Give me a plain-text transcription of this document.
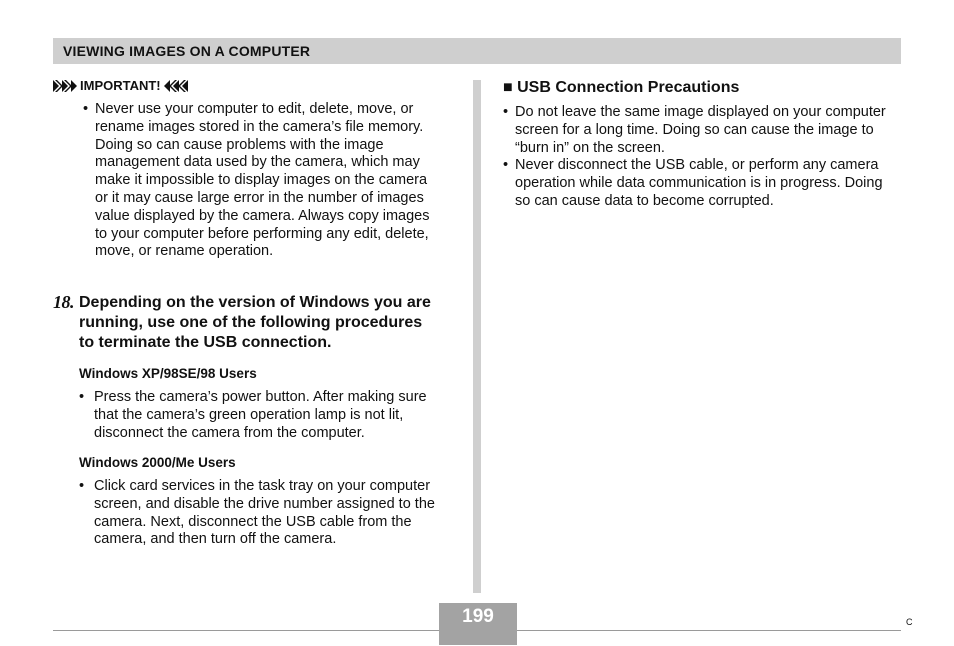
VIEWING IMAGES ON A COMPUTER
IMPORTANT!
• Never use your computer to edit, delete, move, or
rename images stored in the camera’s file memory.
Doing so can cause problems with the image
management data used by the camera, which may
make it impossible to display images on the camera
or it may cause large error in the number of images
value displayed by the camera. Always copy images
to your computer before performing any edit, delete,
move, or rename operation.
18. Depending on the version of Windows you are
running, use one of the following procedures
to terminate the USB connection.
Windows XP/98SE/98 Users
• Press the camera’s power button. After making sure
that the camera’s green operation lamp is not lit,
disconnect the camera from the computer.
Windows 2000/Me Users
• Click card services in the task tray on your computer
screen, and disable the drive number assigned to the
camera. Next, disconnect the USB cable from the
camera, and then turn off the camera.
■ USB Connection Precautions
• Do not leave the same image displayed on your computer
screen for a long time. Doing so can cause the image to
“burn in” on the screen.
• Never disconnect the USB cable, or perform any camera
operation while data communication is in progress. Doing
so can cause data to become corrupted.
199	C
